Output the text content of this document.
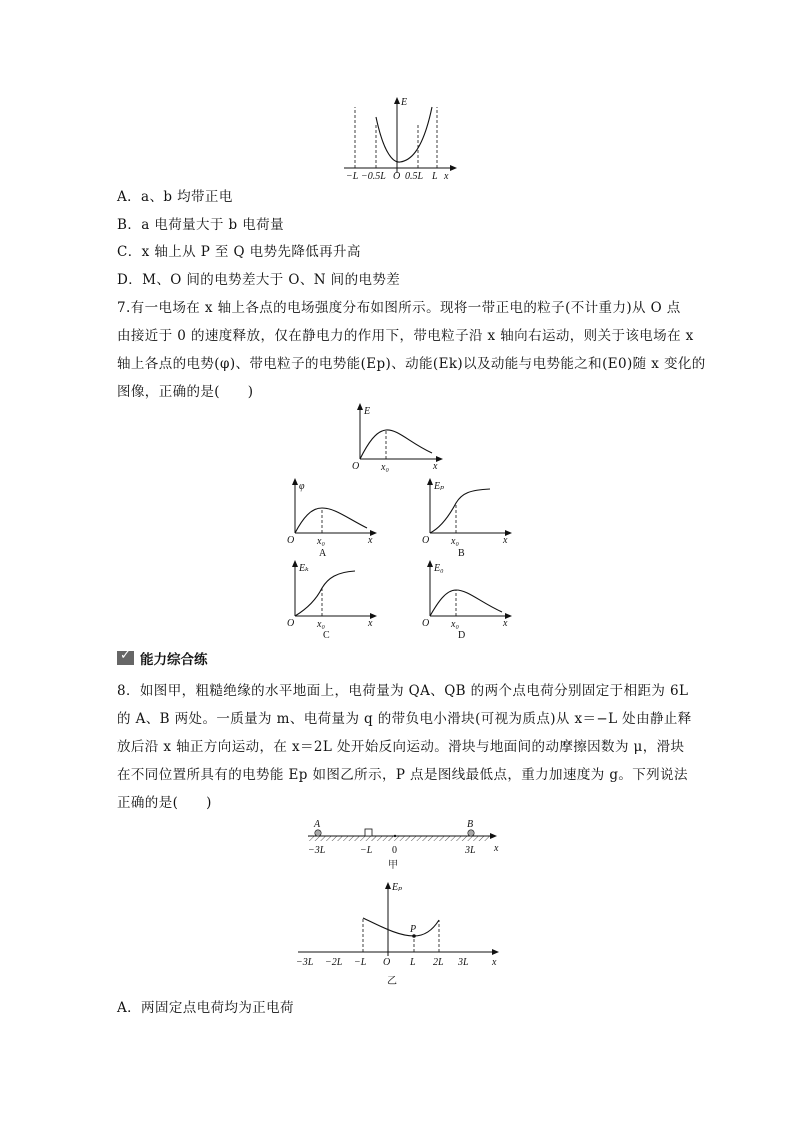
E
−L −0.5L O 0.5L L x
A．a、b 均带正电
B．a 电荷量大于 b 电荷量
C．x 轴上从 P 至 Q 电势先降低再升高
D．M、O 间的电势差大于 O、N 间的电势差
7.有一电场在 x 轴上各点的电场强度分布如图所示。现将一带正电的粒子(不计重力)从 O 点
由接近于 0 的速度释放，仅在静电力的作用下，带电粒子沿 x 轴向右运动，则关于该电场在 x
轴上各点的电势(φ)、带电粒子的电势能(Ep)、动能(Ek)以及动能与电势能之和(E0)随 x 变化的
图像，正确的是(　　)
E
O x₀	x
φ
O x₀	x
A
Eₚ
O x₀	x
B
Eₖ
O x₀	x
C
E₀
O x₀	x
D
✓
能力综合练
8．如图甲，粗糙绝缘的水平地面上，电荷量为 QA、QB 的两个点电荷分别固定于相距为 6L
的 A、B 两处。一质量为 m、电荷量为 q 的带负电小滑块(可视为质点)从 x＝−L 处由静止释
放后沿 x 轴正方向运动，在 x＝2L 处开始反向运动。滑块与地面间的动摩擦因数为 μ，滑块
在不同位置所具有的电势能 Ep 如图乙所示，P 点是图线最低点，重力加速度为 g。下列说法
正确的是(　　)
A	B
−3L	−L 0	3L x
甲
Eₚ
P
−3L −2L −L O L 2L 3L x
乙
A．两固定点电荷均为正电荷
